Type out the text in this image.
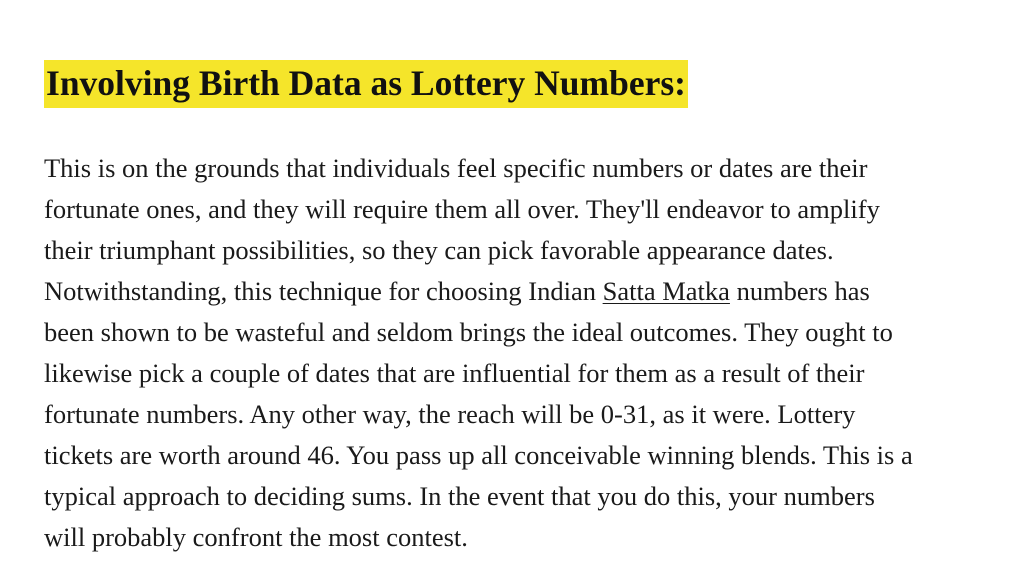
Involving Birth Data as Lottery Numbers:

This is on the grounds that individuals feel specific numbers or dates are their
fortunate ones, and they will require them all over. They'll endeavor to amplify
their triumphant possibilities, so they can pick favorable appearance dates.
Notwithstanding, this technique for choosing Indian Satta Matka numbers has
been shown to be wasteful and seldom brings the ideal outcomes. They ought to
likewise pick a couple of dates that are influential for them as a result of their
fortunate numbers. Any other way, the reach will be 0-31, as it were. Lottery
tickets are worth around 46. You pass up all conceivable winning blends. This is a
typical approach to deciding sums. In the event that you do this, your numbers
will probably confront the most contest.
